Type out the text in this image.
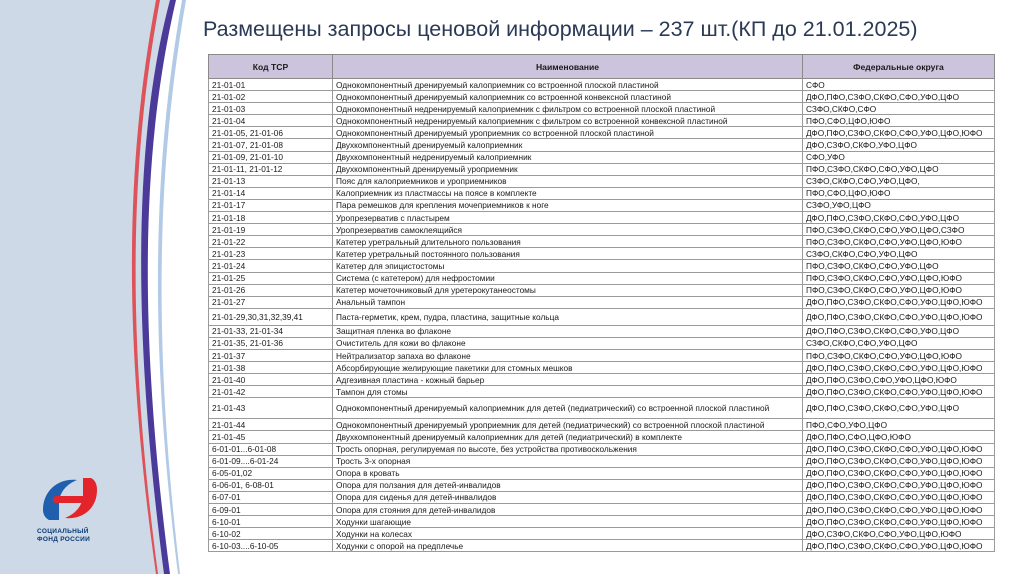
СОЦИАЛЬНЫЙ
ФОНД РОССИИ
Размещены запросы ценовой информации – 237 шт.(КП до 21.01.2025)
Код ТСР	Наименование	Федеральные округа
21-01-01	Однокомпонентный дренируемый калоприемник со встроенной плоской пластиной	СФО
21-01-02	Однокомпонентный дренируемый калоприемник со встроенной конвексной пластиной	ДФО,ПФО,СЗФО,СКФО,СФО,УФО,ЦФО
21-01-03	Однокомпонентный недренируемый калоприемник с фильтром со встроенной плоской пластиной	СЗФО,СКФО,СФО
21-01-04	Однокомпонентный недренируемый калоприемник с фильтром со встроенной конвексной пластиной	ПФО,СФО,ЦФО,ЮФО
21-01-05, 21-01-06	Однокомпонентный дренируемый уроприемник со встроенной плоской пластиной	ДФО,ПФО,СЗФО,СКФО,СФО,УФО,ЦФО,ЮФО
21-01-07, 21-01-08	Двухкомпонентный дренируемый калоприемник	ДФО,СЗФО,СКФО,УФО,ЦФО
21-01-09, 21-01-10	Двухкомпонентный недренируемый калоприемник	СФО,УФО
21-01-11, 21-01-12	Двухкомпонентный дренируемый уроприемник	ПФО,СЗФО,СКФО,СФО,УФО,ЦФО
21-01-13	Пояс для калоприемников и уроприемников	СЗФО,СКФО,СФО,УФО,ЦФО,
21-01-14	Калоприемник из пластмассы на поясе в комплекте	ПФО,СФО,ЦФО,ЮФО
21-01-17	Пара ремешков для крепления мочеприемников к ноге	СЗФО,УФО,ЦФО
21-01-18	Уропрезерватив с пластырем	ДФО,ПФО,СЗФО,СКФО,СФО,УФО,ЦФО
21-01-19	Уропрезерватив самоклеящийся	ПФО,СЗФО,СКФО,СФО,УФО,ЦФО,СЗФО
21-01-22	Катетер уретральный длительного пользования	ПФО,СЗФО,СКФО,СФО,УФО,ЦФО,ЮФО
21-01-23	Катетер уретральный постоянного пользования	СЗФО,СКФО,СФО,УФО,ЦФО
21-01-24	Катетер для эпицистостомы	ПФО,СЗФО,СКФО,СФО,УФО,ЦФО
21-01-25	Система (с катетером) для нефростомии	ПФО,СЗФО,СКФО,СФО,УФО,ЦФО,ЮФО
21-01-26	Катетер мочеточниковый для уретерокутанеостомы	ПФО,СЗФО,СКФО,СФО,УФО,ЦФО,ЮФО
21-01-27	Анальный тампон	ДФО,ПФО,СЗФО,СКФО,СФО,УФО,ЦФО,ЮФО
21-01-29,30,31,32,39,41	Паста-герметик, крем, пудра, пластина, защитные кольца	ДФО,ПФО,СЗФО,СКФО,СФО,УФО,ЦФО,ЮФО
21-01-33, 21-01-34	Защитная пленка во флаконе	ДФО,ПФО,СЗФО,СКФО,СФО,УФО,ЦФО
21-01-35, 21-01-36	Очиститель для кожи во флаконе	СЗФО,СКФО,СФО,УФО,ЦФО
21-01-37	Нейтрализатор запаха во флаконе	ПФО,СЗФО,СКФО,СФО,УФО,ЦФО,ЮФО
21-01-38	Абсорбирующие желирующие пакетики для стомных мешков	ДФО,ПФО,СЗФО,СКФО,СФО,УФО,ЦФО,ЮФО
21-01-40	Адгезивная пластина - кожный барьер	ДФО,ПФО,СЗФО,СФО,УФО,ЦФО,ЮФО
21-01-42	Тампон для стомы	ДФО,ПФО,СЗФО,СКФО,СФО,УФО,ЦФО,ЮФО
21-01-43	Однокомпонентный дренируемый калоприемник для детей (педиатрический) со встроенной плоской пластиной	ДФО,ПФО,СЗФО,СКФО,СФО,УФО,ЦФО
21-01-44	Однокомпонентный дренируемый уроприемник для детей (педиатрический) со встроенной плоской пластиной	ПФО,СФО,УФО,ЦФО
21-01-45	Двухкомпонентный дренируемый калоприемник для детей (педиатрический) в комплекте	ДФО,ПФО,СФО,ЦФО,ЮФО
6-01-01...6-01-08	Трость опорная, регулируемая по высоте, без устройства противоскольжения	ДФО,ПФО,СЗФО,СКФО,СФО,УФО,ЦФО,ЮФО
6-01-09....6-01-24	Трость 3-х опорная	ДФО,ПФО,СЗФО,СКФО,СФО,УФО,ЦФО,ЮФО
6-05-01,02	Опора в кровать	ДФО,ПФО,СЗФО,СКФО,СФО,УФО,ЦФО,ЮФО
6-06-01, 6-08-01	Опора для ползания для детей-инвалидов	ДФО,ПФО,СЗФО,СКФО,СФО,УФО,ЦФО,ЮФО
6-07-01	Опора для сиденья для детей-инвалидов	ДФО,ПФО,СЗФО,СКФО,СФО,УФО,ЦФО,ЮФО
6-09-01	Опора для стояния для детей-инвалидов	ДФО,ПФО,СЗФО,СКФО,СФО,УФО,ЦФО,ЮФО
6-10-01	Ходунки шагающие	ДФО,ПФО,СЗФО,СКФО,СФО,УФО,ЦФО,ЮФО
6-10-02	Ходунки на колесах	ДФО,СЗФО,СКФО,СФО,УФО,ЦФО,ЮФО
6-10-03....6-10-05	Ходунки с опорой на предплечье	ДФО,ПФО,СЗФО,СКФО,СФО,УФО,ЦФО,ЮФО
